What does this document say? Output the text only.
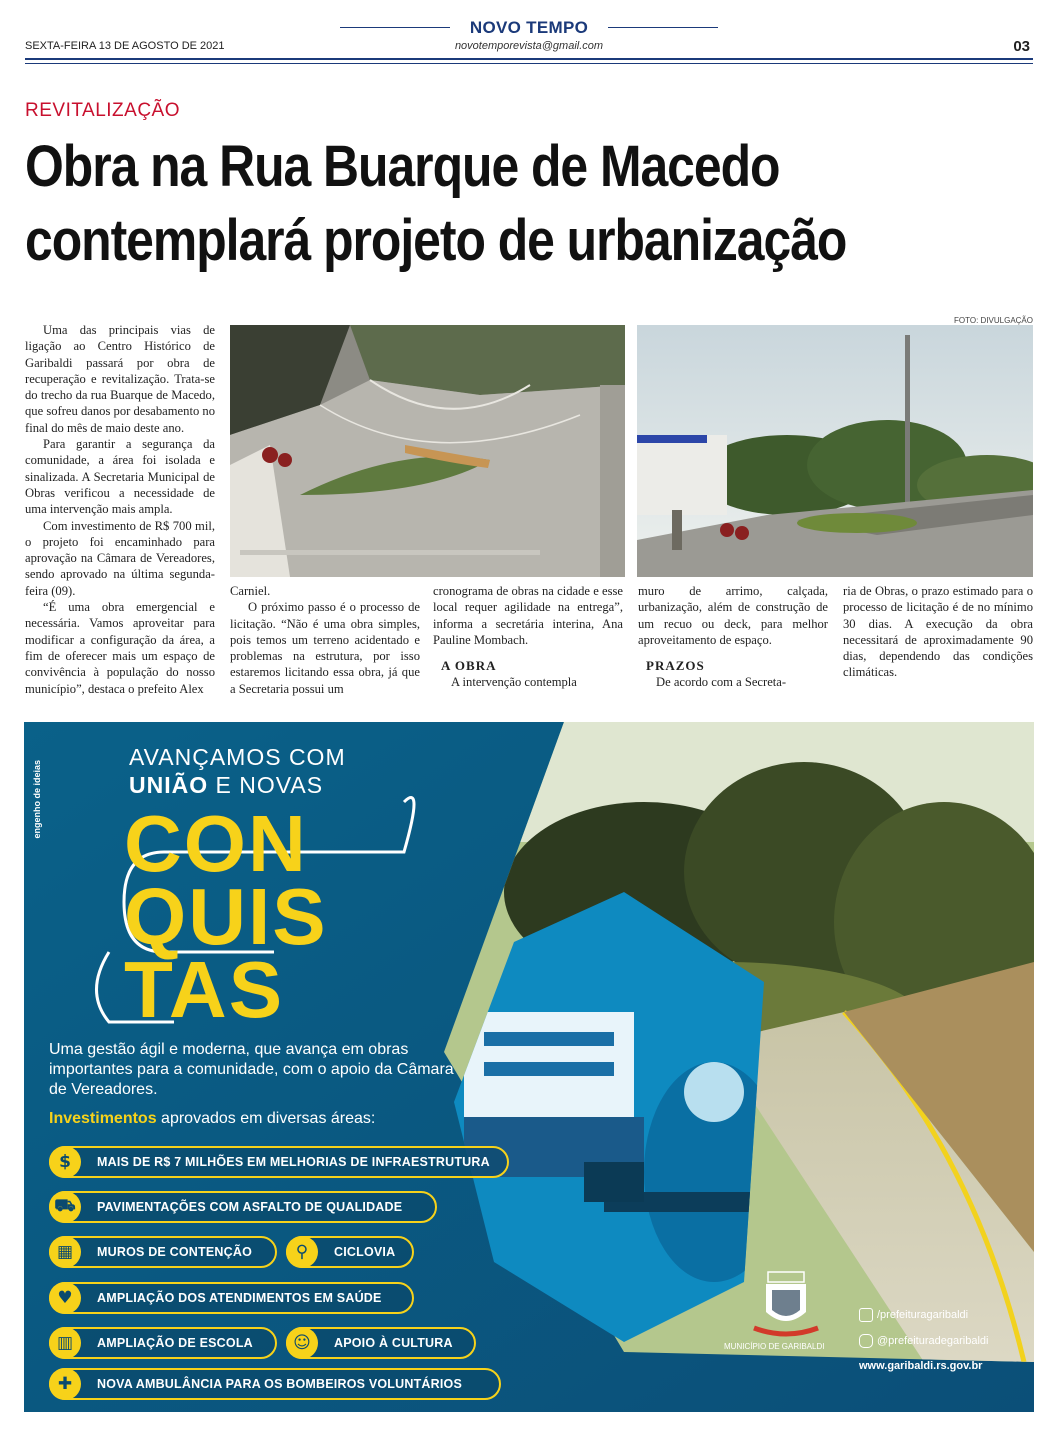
SEXTA-FEIRA 13 DE AGOSTO DE 2021
NOVO TEMPO
novotemporevista@gmail.com	03
REVITALIZAÇÃO
Obra na Rua Buarque de Macedo
contemplará projeto de urbanização

Uma das principais vias de ligação ao Centro Histórico de Garibaldi passará por obra de recuperação e revitalização. Trata-se do trecho da rua Buarque de Macedo, que sofreu danos por desabamento no final do mês de maio deste ano.

Para garantir a segurança da comunidade, a área foi isolada e sinalizada. A Secretaria Municipal de Obras verificou a necessidade de uma intervenção mais ampla.

Com investimento de R$ 700 mil, o projeto foi encaminhado para aprovação na Câmara de Vereadores, sendo aprovado na última segunda-feira (09).

“É uma obra emergencial e necessária. Vamos aproveitar para modificar a configuração da área, a fim de oferecer mais um espaço de convivência à população do nosso município”, destaca o prefeito Alex

FOTO: DIVULGAÇÃO

Carniel.

O próximo passo é o processo de licitação. “Não é uma obra simples, pois temos um terreno acidentado e problemas na estrutura, por isso estaremos licitando essa obra, já que a Secretaria possui um

cronograma de obras na cidade e esse local requer agilidade na entrega”, informa a secretária interina, Ana Pauline Mombach.

A OBRA

A intervenção contempla

muro de arrimo, calçada, urbanização, além de construção de um recuo ou deck, para melhor aproveitamento de espaço.

PRAZOS

De acordo com a Secreta-

ria de Obras, o prazo estimado para o processo de licitação é de no mínimo 30 dias. A execução da obra necessitará de aproximadamente 90 dias, dependendo das condições climáticas.

engenho de ideias
AVANÇAMOS COM
UNIÃO E NOVAS
CON
QUIS
TAS
Uma gestão ágil e moderna, que avança em obras importantes para a comunidade, com o apoio da Câmara de Vereadores.
Investimentos aprovados em diversas áreas:
$	MAIS DE R$ 7 MILHÕES EM MELHORIAS DE INFRAESTRUTURA
⛟	PAVIMENTAÇÕES COM ASFALTO DE QUALIDADE
▦	MUROS DE CONTENÇÃO	⚲	CICLOVIA
♥	AMPLIAÇÃO DOS ATENDIMENTOS EM SAÚDE
▥	AMPLIAÇÃO DE ESCOLA	☺	APOIO À CULTURA
✚	NOVA AMBULÂNCIA PARA OS BOMBEIROS VOLUNTÁRIOS
MUNICÍPIO DE GARIBALDI
/prefeituragaribaldi
@prefeituradegaribaldi
www.garibaldi.rs.gov.br
